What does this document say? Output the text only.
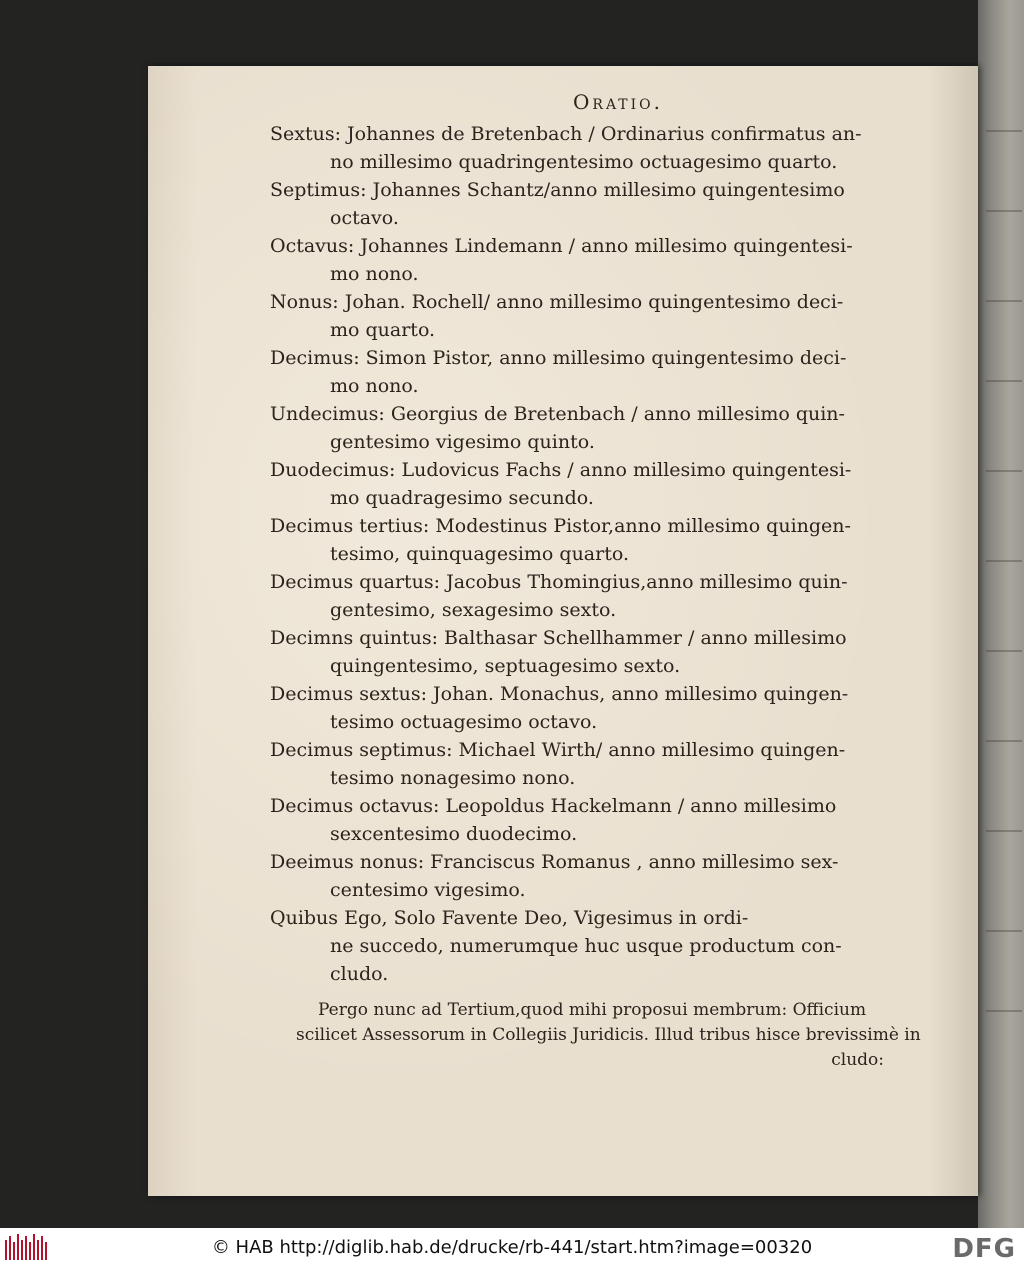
Oratio.

Sextus: Johannes de Bretenbach / Ordinarius confirmatus an-
no millesimo quadringentesimo octuagesimo quarto.

Septimus: Johannes Schantz/anno millesimo quingentesimo
octavo.

Octavus: Johannes Lindemann / anno millesimo quingentesi-
mo nono.

Nonus: Johan. Rochell/ anno millesimo quingentesimo deci-
mo quarto.

Decimus: Simon Pistor, anno millesimo quingentesimo deci-
mo nono.

Undecimus: Georgius de Bretenbach / anno millesimo quin-
gentesimo vigesimo quinto.

Duodecimus: Ludovicus Fachs / anno millesimo quingentesi-
mo quadragesimo secundo.

Decimus tertius: Modestinus Pistor,anno millesimo quingen-
tesimo, quinquagesimo quarto.

Decimus quartus: Jacobus Thomingius,anno millesimo quin-
gentesimo, sexagesimo sexto.

Decimns quintus: Balthasar Schellhammer / anno millesimo
quingentesimo, septuagesimo sexto.

Decimus sextus: Johan. Monachus, anno millesimo quingen-
tesimo octuagesimo octavo.

Decimus septimus: Michael Wirth/ anno millesimo quingen-
tesimo nonagesimo nono.

Decimus octavus: Leopoldus Hackelmann / anno millesimo
sexcentesimo duodecimo.

Deeimus nonus: Franciscus Romanus , anno millesimo sex-
centesimo vigesimo.

Quibus Ego, Solo Favente Deo, Vigesimus in ordi-
ne succedo, numerumque huc usque productum con-
cludo.

Pergo nunc ad Tertium,quod mihi proposui membrum: Officium
scilicet Assessorum in Collegiis Juridicis. Illud tribus hisce brevissimè in
cludo:
© HAB http://diglib.hab.de/drucke/rb-441/start.htm?image=00320	DFG
